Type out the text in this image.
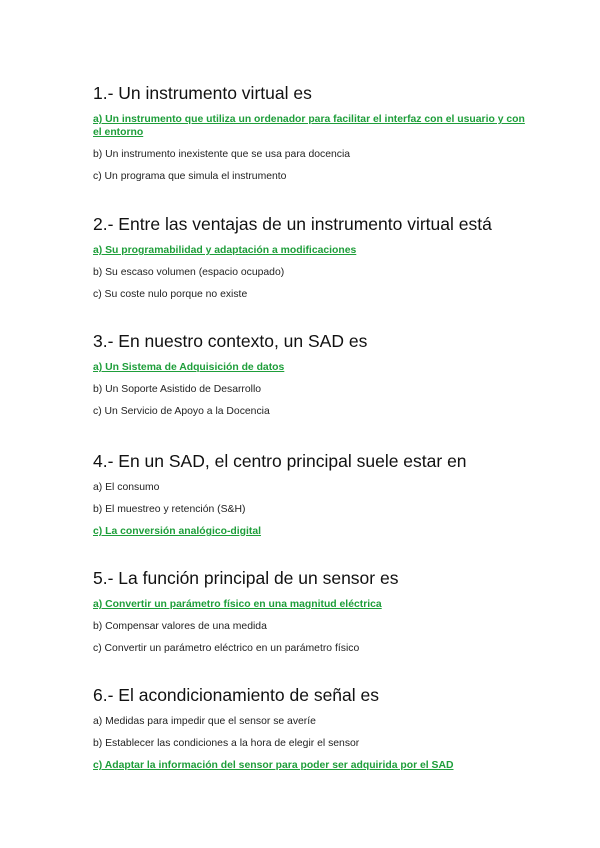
1.- Un instrumento virtual es
a) Un instrumento que utiliza un ordenador para facilitar el interfaz con el usuario y con el entorno
b) Un instrumento inexistente que se usa para docencia
c) Un programa que simula el instrumento
2.- Entre las ventajas de un instrumento virtual está
a) Su programabilidad y adaptación a modificaciones
b) Su escaso volumen (espacio ocupado)
c) Su coste nulo porque no existe
3.- En nuestro contexto, un SAD es
a) Un Sistema de Adquisición de datos
b) Un Soporte Asistido de Desarrollo
c) Un Servicio de Apoyo a la Docencia
4.- En un SAD, el centro principal suele estar en
a) El consumo
b) El muestreo y retención (S&H)
c) La conversión analógico-digital
5.- La función principal de un sensor es
a) Convertir un parámetro físico en una magnitud eléctrica
b) Compensar valores de una medida
c) Convertir un parámetro eléctrico en un parámetro físico
6.- El acondicionamiento de señal es
a) Medidas para impedir que el sensor se averíe
b) Establecer las condiciones a la hora de elegir el sensor
c) Adaptar la información del sensor para poder ser adquirida por el SAD
